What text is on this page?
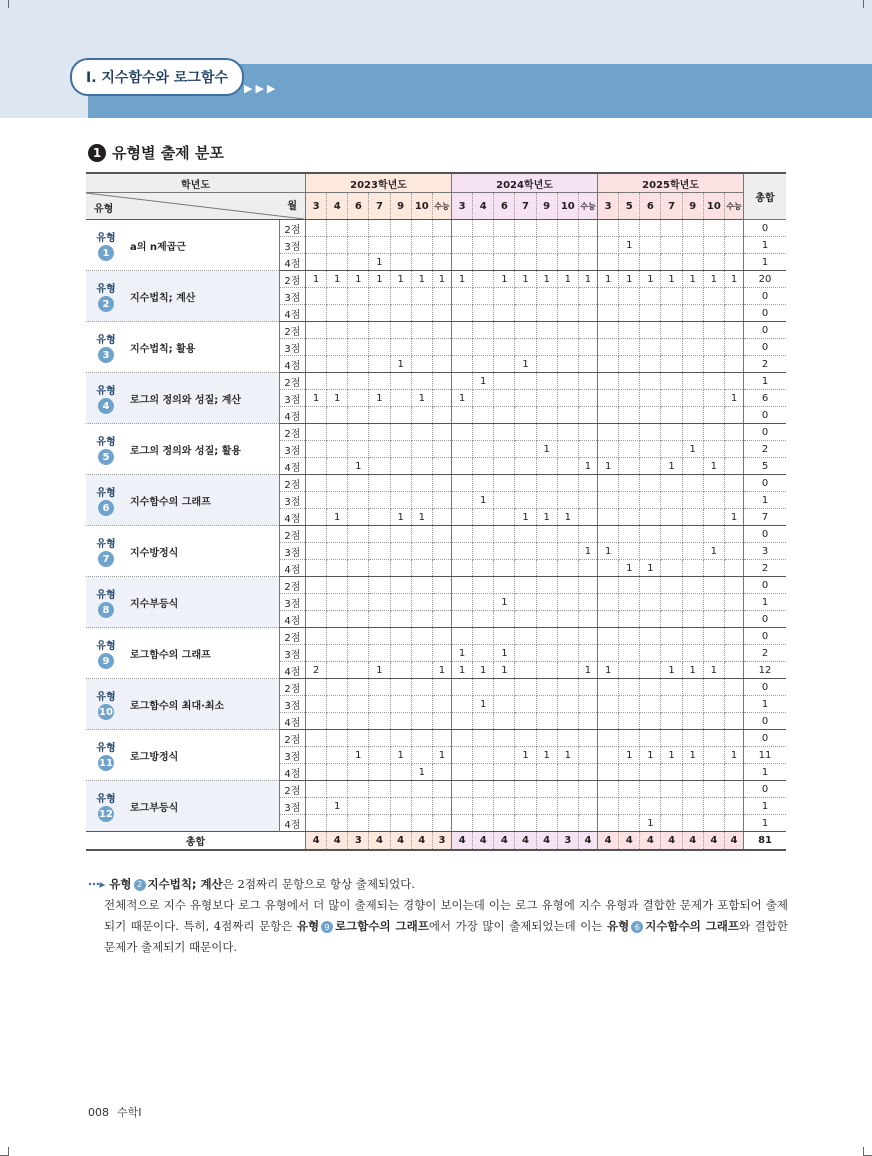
Ⅰ. 지수함수와 로그함수
▶▶▶
1 유형별 출제 분포
학년도		2023학년도							2024학년도							2025학년도							총합

유형 월		3	4	6	7	9	10	수능	3	4	6	7	9	10	수능	3	5	6	7	9	10	수능	

유형
1
a의 n제곱근	2점																						0
	3점																1						1
	4점				1																		1

유형
2
지수법칙; 계산	2점	1	1	1	1	1	1	1	1		1	1	1	1	1	1	1	1	1	1	1	1	20
	3점																						0
	4점																						0

유형
3
지수법칙; 활용	2점																						0
	3점																						0
	4점					1						1											2

유형
4
로그의 정의와 성질; 계산	2점									1													1
	3점	1	1		1		1		1													1	6
	4점																						0

유형
5
로그의 정의와 성질; 활용	2점																						0
	3점												1							1			2
	4점			1											1	1			1		1		5

유형
6
지수함수의 그래프	2점																						0
	3점									1													1
	4점		1			1	1					1	1	1								1	7

유형
7
지수방정식	2점																						0
	3점														1	1					1		3
	4점																1	1					2

유형
8
지수부등식	2점																						0
	3점										1												1
	4점																						0

유형
9
로그함수의 그래프	2점																						0
	3점								1		1												2
	4점	2			1			1	1	1	1				1	1			1	1	1		12

유형
10
로그함수의 최대·최소	2점																						0
	3점									1													1
	4점																						0

유형
11
로그방정식	2점																						0
	3점			1		1		1				1	1	1			1	1	1	1		1	11
	4점						1																1

유형
12
로그부등식	2점																						0
	3점		1																				1
	4점																	1					1
총합		4	4	3	4	4	4	3	4	4	4	4	4	3	4	4	4	4	4	4	4	4	81
⋯▸ 유형 2 지수법칙; 계산 은 2점짜리 문항으로 항상 출제되었다.
전체적으로 지수 유형보다 로그 유형에서 더 많이 출제되는 경향이 보이는데 이는 로그 유형에 지수 유형과 결합한 문제가 포함되어 출제되기 때문이다. 특히, 4점짜리 문항은 유형 9 로그함수의 그래프에서 가장 많이 출제되었는데 이는 유형 6 지수함수의 그래프와 결합한 문제가 출제되기 때문이다.
008 수학Ⅰ
